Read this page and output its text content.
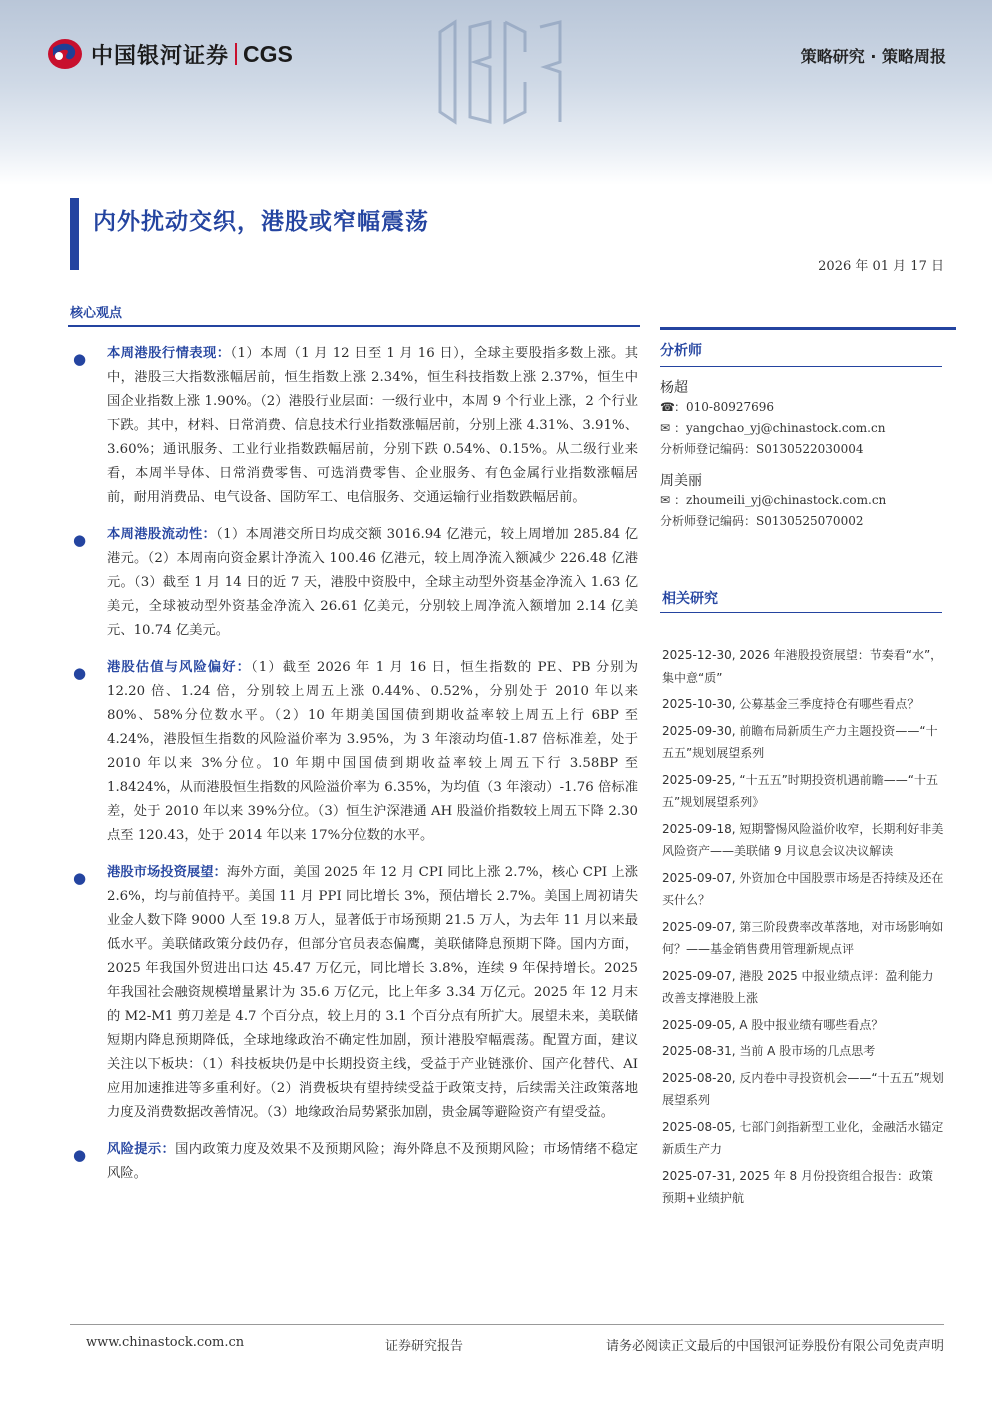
中国银河证券 CGS	策略研究 · 策略周报
内外扰动交织，港股或窄幅震荡
2026 年 01 月 17 日
核心观点
● 本周港股行情表现：（1）本周（1 月 12 日至 1 月 16 日），全球主要股指多数上涨。其中，港股三大指数涨幅居前，恒生指数上涨 2.34%，恒生科技指数上涨 2.37%，恒生中国企业指数上涨 1.90%。（2）港股行业层面：一级行业中，本周 9 个行业上涨，2 个行业下跌。其中，材料、日常消费、信息技术行业指数涨幅居前，分别上涨 4.31%、3.91%、3.60%；通讯服务、工业行业指数跌幅居前，分别下跌 0.54%、0.15%。从二级行业来看，本周半导体、日常消费零售、可选消费零售、企业服务、有色金属行业指数涨幅居前，耐用消费品、电气设备、国防军工、电信服务、交通运输行业指数跌幅居前。
● 本周港股流动性：（1）本周港交所日均成交额 3016.94 亿港元，较上周增加 285.84 亿港元。（2）本周南向资金累计净流入 100.46 亿港元，较上周净流入额减少 226.48 亿港元。（3）截至 1 月 14 日的近 7 天，港股中资股中，全球主动型外资基金净流入 1.63 亿美元，全球被动型外资基金净流入 26.61 亿美元，分别较上周净流入额增加 2.14 亿美元、10.74 亿美元。
● 港股估值与风险偏好：（1）截至 2026 年 1 月 16 日，恒生指数的 PE、PB 分别为 12.20 倍、1.24 倍，分别较上周五上涨 0.44%、0.52%，分别处于 2010 年以来 80%、58%分位数水平。（2）10 年期美国国债到期收益率较上周五上行 6BP 至 4.24%，港股恒生指数的风险溢价率为 3.95%，为 3 年滚动均值-1.87 倍标准差，处于 2010 年以来 3%分位。10 年期中国国债到期收益率较上周五下行 3.58BP 至 1.8424%，从而港股恒生指数的风险溢价率为 6.35%，为均值（3 年滚动）-1.76 倍标准差，处于 2010 年以来 39%分位。（3）恒生沪深港通 AH 股溢价指数较上周五下降 2.30 点至 120.43，处于 2014 年以来 17%分位数的水平。
● 港股市场投资展望：海外方面，美国 2025 年 12 月 CPI 同比上涨 2.7%，核心 CPI 上涨 2.6%，均与前值持平。美国 11 月 PPI 同比增长 3%，预估增长 2.7%。美国上周初请失业金人数下降 9000 人至 19.8 万人，显著低于市场预期 21.5 万人，为去年 11 月以来最低水平。美联储政策分歧仍存，但部分官员表态偏鹰，美联储降息预期下降。国内方面，2025 年我国外贸进出口达 45.47 万亿元，同比增长 3.8%，连续 9 年保持增长。2025 年我国社会融资规模增量累计为 35.6 万亿元，比上年多 3.34 万亿元。2025 年 12 月末的 M2-M1 剪刀差是 4.7 个百分点，较上月的 3.1 个百分点有所扩大。展望未来，美联储短期内降息预期降低，全球地缘政治不确定性加剧，预计港股窄幅震荡。配置方面，建议关注以下板块：（1）科技板块仍是中长期投资主线，受益于产业链涨价、国产化替代、AI 应用加速推进等多重利好。（2）消费板块有望持续受益于政策支持，后续需关注政策落地力度及消费数据改善情况。（3）地缘政治局势紧张加剧，贵金属等避险资产有望受益。
● 风险提示：国内政策力度及效果不及预期风险；海外降息不及预期风险；市场情绪不稳定风险。
分析师
杨超
☎：010-80927696
✉ ：yangchao_yj@chinastock.com.cn
分析师登记编码：S0130522030004
周美丽
✉ ：zhoumeili_yj@chinastock.com.cn
分析师登记编码：S0130525070002
相关研究
2025-12-30, 2026 年港股投资展望：节奏看“水”，集中意“质”
2025-10-30, 公募基金三季度持仓有哪些看点？
2025-09-30, 前瞻布局新质生产力主题投资——“十五五”规划展望系列
2025-09-25, “十五五”时期投资机遇前瞻——“十五五”规划展望系列》
2025-09-18, 短期警惕风险溢价收窄，长期利好非美风险资产——美联储 9 月议息会议决议解读
2025-09-07, 外资加仓中国股票市场是否持续及还在买什么？
2025-09-07, 第三阶段费率改革落地，对市场影响如何？——基金销售费用管理新规点评
2025-09-07, 港股 2025 中报业绩点评：盈利能力改善支撑港股上涨
2025-09-05, A 股中报业绩有哪些看点？
2025-08-31, 当前 A 股市场的几点思考
2025-08-20, 反内卷中寻投资机会——“十五五”规划展望系列
2025-08-05, 七部门剑指新型工业化，金融活水锚定新质生产力
2025-07-31, 2025 年 8 月份投资组合报告：政策预期+业绩护航
www.chinastock.com.cn	证券研究报告	请务必阅读正文最后的中国银河证券股份有限公司免责声明
